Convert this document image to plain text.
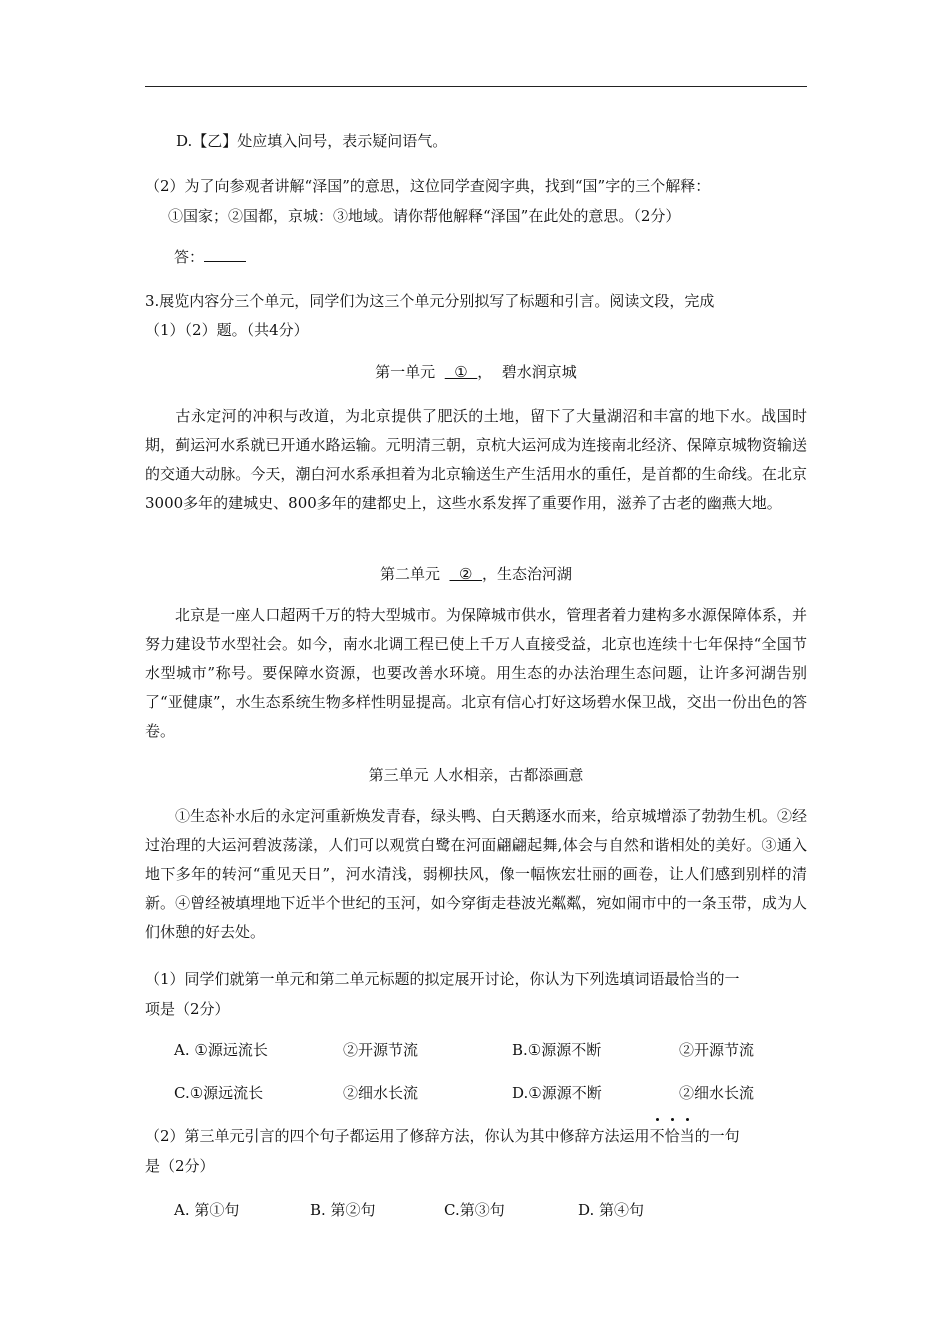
D.【乙】处应填入问号，表示疑问语气。
（2）为了向参观者讲解“泽国”的意思，这位同学查阅字典，找到“国”字的三个解释：
①国家；②国都，京城：③地域。请你帮他解释“泽国”在此处的意思。（2分）
答：
3.展览内容分三个单元，同学们为这三个单元分别拟写了标题和引言。阅读文段，完成
（1）（2）题。（共4分）
第一单元    ①  ，  碧水润京城
古永定河的冲积与改道，为北京提供了肥沃的土地，留下了大量湖沼和丰富的地下水。战国时期，蓟运河水系就已开通水路运输。元明清三朝，京杭大运河成为连接南北经济、保障京城物资输送的交通大动脉。今天，潮白河水系承担着为北京输送生产生活用水的重任，是首都的生命线。在北京3000多年的建城史、800多年的建都史上，这些水系发挥了重要作用，滋养了古老的幽燕大地。
第二单元    ②  ，生态治河湖
北京是一座人口超两千万的特大型城市。为保障城市供水，管理者着力建构多水源保障体系，并努力建设节水型社会。如今，南水北调工程已使上千万人直接受益，北京也连续十七年保持“全国节水型城市”称号。要保障水资源，也要改善水环境。用生态的办法治理生态问题，让许多河湖告别了“亚健康”，水生态系统生物多样性明显提高。北京有信心打好这场碧水保卫战，交出一份出色的答卷。
第三单元 人水相亲，古都添画意
①生态补水后的永定河重新焕发青春，绿头鸭、白天鹅逐水而来，给京城增添了勃勃生机。②经过治理的大运河碧波荡漾，人们可以观赏白鹭在河面翩翩起舞,体会与自然和谐相处的美好。③通入地下多年的转河“重见天日”，河水清浅，弱柳扶风，像一幅恢宏壮丽的画卷，让人们感到别样的清新。④曾经被填埋地下近半个世纪的玉河，如今穿街走巷波光粼粼，宛如闹市中的一条玉带，成为人们休憩的好去处。
（1）同学们就第一单元和第二单元标题的拟定展开讨论，你认为下列选填词语最恰当的一
项是（2分）
A. ①源远流长	②开源节流	B.①源源不断	②开源节流
C.①源远流长	②细水长流	D.①源源不断	②细水长流
（2）第三单元引言的四个句子都运用了修辞方法，你认为其中修辞方法运用
不
恰
当的一句
是（2分）
A. 第①句	B. 第②句	C.第③句	D. 第④句
